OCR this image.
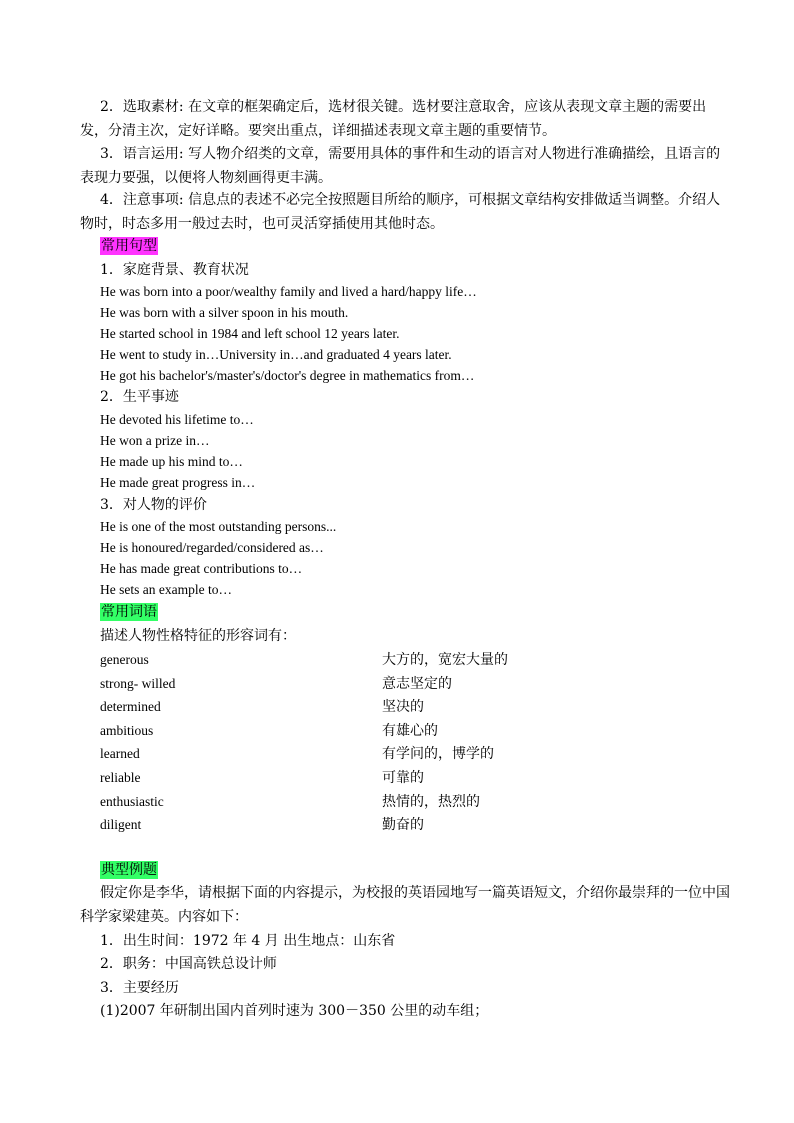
2．选取素材: 在文章的框架确定后，选材很关键。选材要注意取舍，应该从表现文章主题的需要出发，分清主次，定好详略。要突出重点，详细描述表现文章主题的重要情节。

3．语言运用: 写人物介绍类的文章，需要用具体的事件和生动的语言对人物进行准确描绘，且语言的表现力要强，以便将人物刻画得更丰满。

4．注意事项: 信息点的表述不必完全按照题目所给的顺序，可根据文章结构安排做适当调整。介绍人物时，时态多用一般过去时，也可灵活穿插使用其他时态。

常用句型
1．家庭背景、教育状况
He was born into a poor/wealthy family and lived a hard/happy life…
He was born with a silver spoon in his mouth.
He started school in 1984 and left school 12 years later.
He went to study in…University in…and graduated 4 years later.
He got his bachelor's/master's/doctor's degree in mathematics from…
2．生平事迹
He devoted his lifetime to…
He won a prize in…
He made up his mind to…
He made great progress in…
3．对人物的评价
He is one of the most outstanding persons...
He is honoured/regarded/considered as…
He has made great contributions to…
He sets an example to…
常用词语
描述人物性格特征的形容词有：
generous	大方的，宽宏大量的
strong- willed	意志坚定的
determined	坚决的
ambitious	有雄心的
learned	有学问的，博学的
reliable	可靠的
enthusiastic	热情的，热烈的
diligent	勤奋的
典型例题

假定你是李华，请根据下面的内容提示，为校报的英语园地写一篇英语短文，介绍你最崇拜的一位中国科学家梁建英。内容如下：

1．出生时间：1972 年 4 月 出生地点：山东省
2．职务：中国高铁总设计师
3．主要经历
(1)2007 年研制出国内首列时速为 300－350 公里的动车组；
